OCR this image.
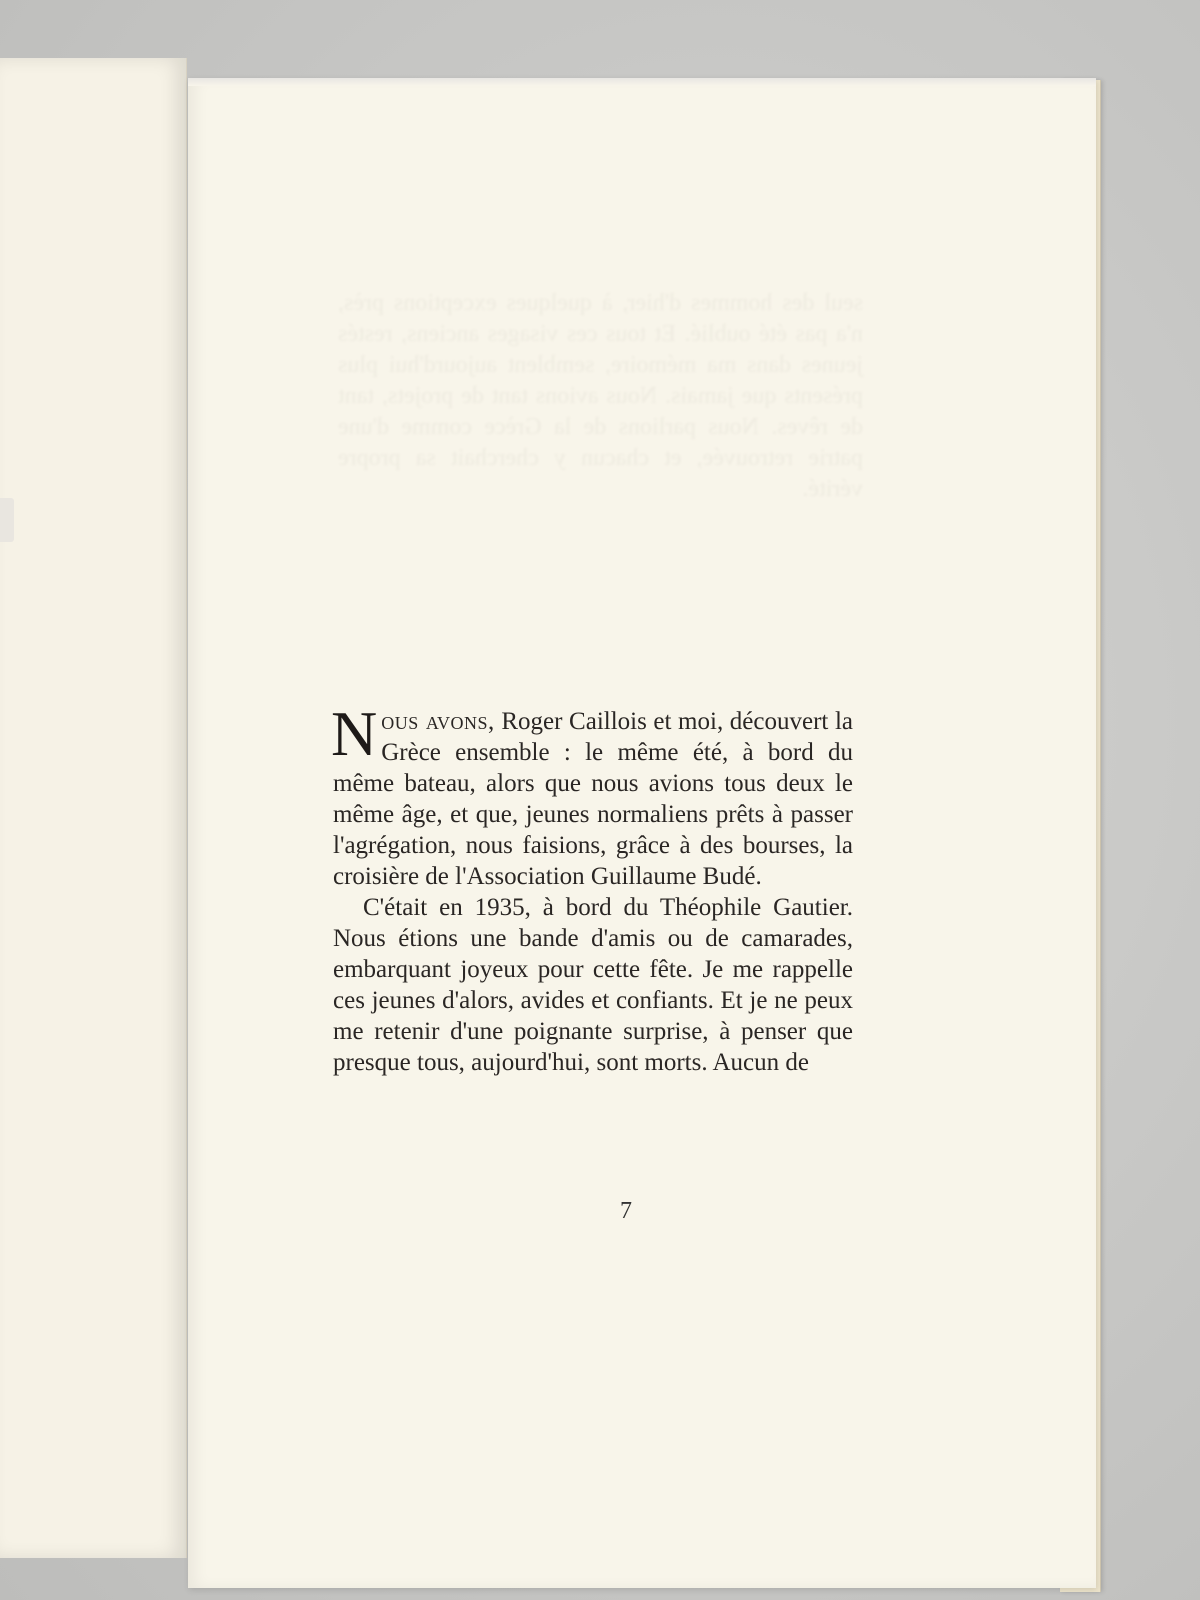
seul des hommes d'hier, à quelques exceptions près, n'a pas été oublié. Et tous ces visages anciens, restés jeunes dans ma mémoire, semblent aujourd'hui plus présents que jamais. Nous avions tant de projets, tant de rêves. Nous parlions de la Grèce comme d'une patrie retrouvée, et chacun y cherchait sa propre vérité.

Nous avons, Roger Caillois et moi, découvert la Grèce ensemble : le même été, à bord du même bateau, alors que nous avions tous deux le même âge, et que, jeunes normaliens prêts à passer l'agrégation, nous faisions, grâce à des bourses, la croisière de l'Association Guillaume Budé.

C'était en 1935, à bord du Théophile Gautier. Nous étions une bande d'amis ou de camarades, embarquant joyeux pour cette fête. Je me rappelle ces jeunes d'alors, avides et confiants. Et je ne peux me retenir d'une poignante surprise, à penser que presque tous, aujourd'hui, sont morts. Aucun de

7
